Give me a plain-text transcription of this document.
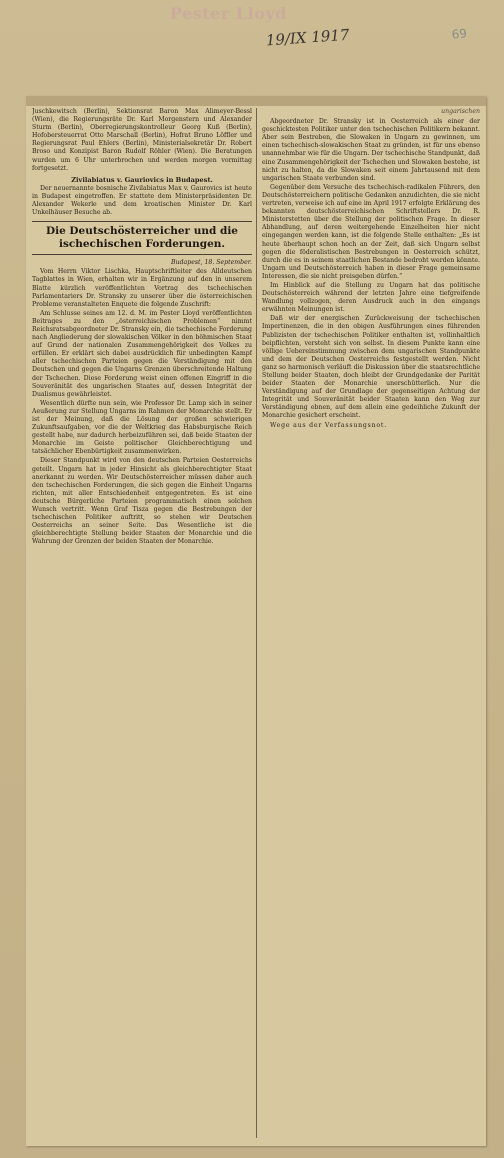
Pester Lloyd
19/IX 1917	69

Juschkewitsch (Berlin), Sektionsrat Baron Max Alimeyer-Bessl (Wien), die Regierungsräte Dr. Karl Morgenstern und Alexander Sturm (Berlin), Oberregierungskontrolleur Georg Kuß (Berlin), Hofobersteuerrat Otto Marschall (Berlin), Hofrat Bruno Löffler und Regierungsrat Paul Ehlers (Berlin), Ministerialsekretär Dr. Robert Broso und Konzipist Baron Rudolf Röhler (Wien). Die Beratungen wurden um 6 Uhr unterbrochen und werden morgen vormittag fortgesetzt.

Zivilabiatus v. Gauriovics in Budapest.

Der neuernannte bosnische Zivilabiatus Max v. Gaurovics ist heute in Budapest eingetroffen. Er stattete dem Ministerpräsidenten Dr. Alexander Wekerle und dem kroatischen Minister Dr. Karl Unkelhäuser Besuche ab.

Die Deutschösterreicher und die ischechischen Forderungen.
Budapest, 18. September.

Vom Herrn Viktor Lischka, Hauptschriftleiter des Alldeutschen Tagblattes in Wien, erhalten wir in Ergänzung auf den in unserem Blatte kürzlich veröffentlichten Vortrag des tschechischen Parlamentariers Dr. Stransky zu unserer über die österreichischen Probleme veranstalteten Enquete die folgende Zuschrift:

Am Schlusse seines am 12. d. M. im Pester Lloyd veröffentlichten Beitrages zu den „österreichischen Problemen“ nimmt Reichsratsabgeordneter Dr. Stransky ein, die tschechische Forderung nach Angliederung der slowakischen Völker in den böhmischen Staat auf Grund der nationalen Zusammengehörigkeit des Volkes zu erfüllen. Er erklärt sich dabei ausdrücklich für unbedingten Kampf aller tschechischen Parteien gegen die Verständigung mit den Deutschen und gegen die Ungarns Grenzen überschreitende Haltung der Tschechen. Diese Forderung weist einen offenen Eingriff in die Souveränität des ungarischen Staates auf, dessen Integrität der Dualismus gewährleistet.

Wesentlich dürfte nun sein, wie Professor Dr. Lamp sich in seiner Aeußerung zur Stellung Ungarns im Rahmen der Monarchie stellt. Er ist der Meinung, daß die Lösung der großen schwierigen Zukunftsaufgaben, vor die der Weltkrieg das Habsburgische Reich gestellt habe, nur dadurch herbeizuführen sei, daß beide Staaten der Monarchie im Geiste politischer Gleichberechtigung und tatsächlicher Ebenbürtigkeit zusammenwirken.

Dieser Standpunkt wird von den deutschen Parteien Oesterreichs geteilt. Ungarn hat in jeder Hinsicht als gleichberechtigter Staat anerkannt zu werden. Wir Deutschösterreicher müssen daher auch den tschechischen Forderungen, die sich gegen die Einheit Ungarns richten, mit aller Entschiedenheit entgegentreten. Es ist eine deutsche Bürgerliche Parteien programmatisch einen solchen Wunsch vertritt. Wenn Graf Tisza gegen die Bestrebungen der tschechischen Politiker auftritt, so stehen wir Deutschen Oesterreichs an seiner Seite. Das Wesentliche ist die gleichberechtigte Stellung beider Staaten der Monarchie und die Wahrung der Grenzen der beiden Staaten der Monarchie.

ungarischen

Abgeordneter Dr. Stransky ist in Oesterreich als einer der geschicktesten Politiker unter den tschechischen Politikern bekannt. Aber sein Bestreben, die Slowaken in Ungarn zu gewinnen, um einen tschechisch-slowakischen Staat zu gründen, ist für uns ebenso unannehmbar wie für die Ungarn. Der tschechische Standpunkt, daß eine Zusammengehörigkeit der Tschechen und Slowaken bestehe, ist nicht zu halten, da die Slowaken seit einem Jahrtausend mit dem ungarischen Staate verbunden sind.

Gegenüber dem Versuche des tschechisch-radikalen Führers, den Deutschösterreichern politische Gedanken anzudichten, die sie nicht vertreten, verweise ich auf eine im April 1917 erfolgte Erklärung des bekannten deutschösterreichischen Schriftstellers Dr. R. Ministerstetten über die Stellung der politischen Frage. In dieser Abhandlung, auf deren weitergehende Einzelheiten hier nicht eingegangen werden kann, ist die folgende Stelle enthalten: „Es ist heute überhaupt schon hoch an der Zeit, daß sich Ungarn selbst gegen die föderalistischen Bestrebungen in Oesterreich schützt, durch die es in seinem staatlichen Bestande bedroht werden könnte. Ungarn und Deutschösterreich haben in dieser Frage gemeinsame Interessen, die sie nicht preisgeben dürfen.“

Im Hinblick auf die Stellung zu Ungarn hat das politische Deutschösterreich während der letzten Jahre eine tiefgreifende Wandlung vollzogen, deren Ausdruck auch in den eingangs erwähnten Meinungen ist.

Daß wir der energischen Zurückweisung der tschechischen Impertinenzen, die in den obigen Ausführungen eines führenden Publizisten der tschechischen Politiker enthalten ist, vollinhaltlich beipflichten, versteht sich von selbst. In diesem Punkte kann eine völlige Uebereinstimmung zwischen dem ungarischen Standpunkte und dem der Deutschen Oesterreichs festgestellt werden. Nicht ganz so harmonisch verläuft die Diskussion über die staatsrechtliche Stellung beider Staaten, doch bleibt der Grundgedanke der Parität beider Staaten der Monarchie unerschütterlich. Nur die Verständigung auf der Grundlage der gegenseitigen Achtung der Integrität und Souveränität beider Staaten kann den Weg zur Verständigung ebnen, auf dem allein eine gedeihliche Zukunft der Monarchie gesichert erscheint.

Wege aus der Verfassungsnot.
